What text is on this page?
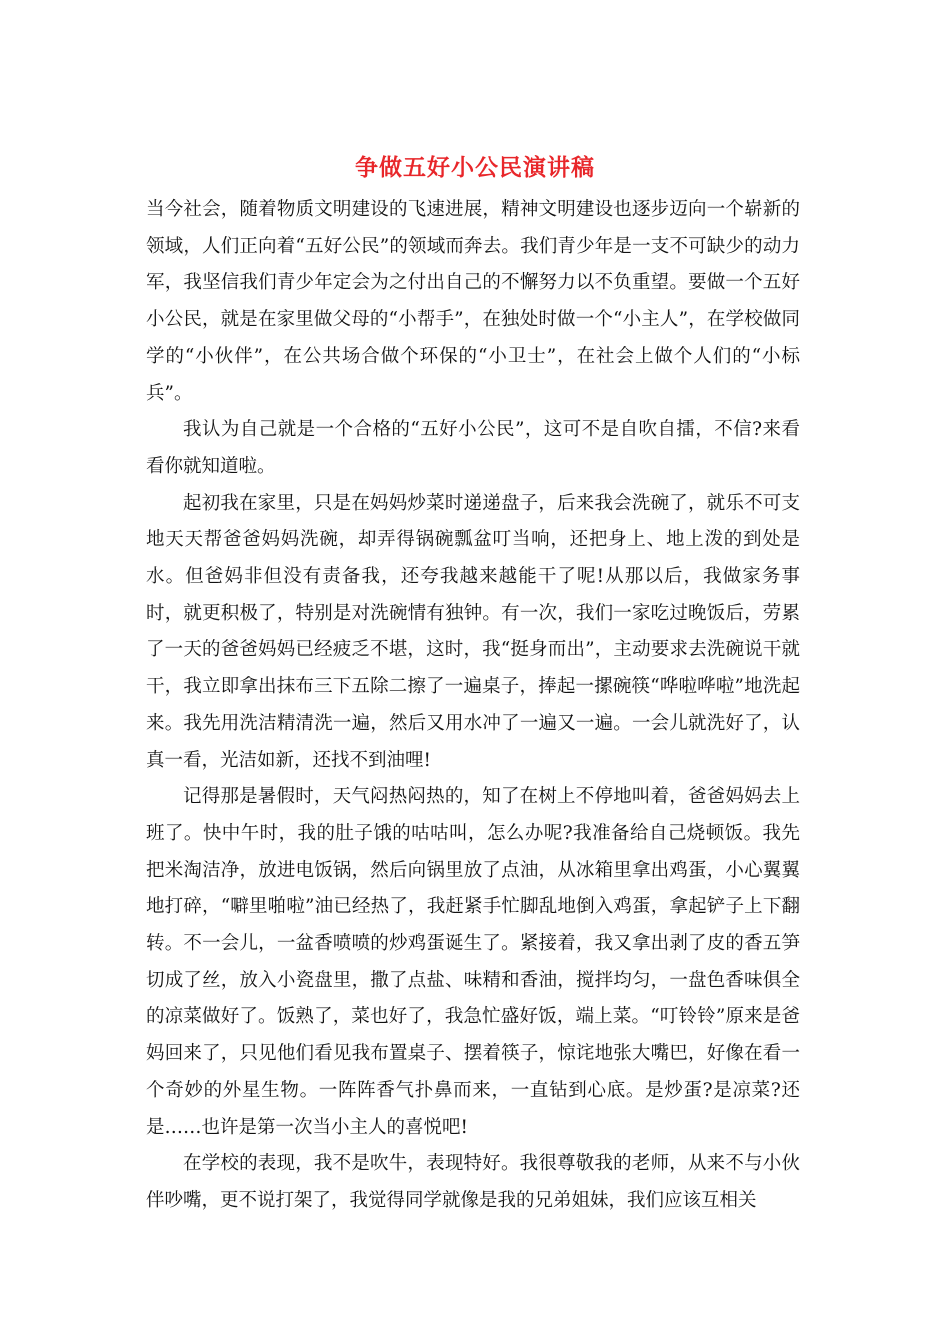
争做五好小公民演讲稿

当今社会，随着物质文明建设的飞速进展，精神文明建设也逐步迈向一个崭新的领域，人们正向着“五好公民”的领域而奔去。我们青少年是一支不可缺少的动力军，我坚信我们青少年定会为之付出自己的不懈努力以不负重望。要做一个五好小公民，就是在家里做父母的“小帮手”，在独处时做一个“小主人”，在学校做同学的“小伙伴”，在公共场合做个环保的“小卫士”，在社会上做个人们的“小标兵”。

我认为自己就是一个合格的“五好小公民”，这可不是自吹自擂，不信?来看看你就知道啦。

起初我在家里，只是在妈妈炒菜时递递盘子，后来我会洗碗了，就乐不可支地天天帮爸爸妈妈洗碗，却弄得锅碗瓢盆叮当响，还把身上、地上泼的到处是水。但爸妈非但没有责备我，还夸我越来越能干了呢!从那以后，我做家务事时，就更积极了，特别是对洗碗情有独钟。有一次，我们一家吃过晚饭后，劳累了一天的爸爸妈妈已经疲乏不堪，这时，我“挺身而出”，主动要求去洗碗说干就干，我立即拿出抹布三下五除二擦了一遍桌子，捧起一摞碗筷“哗啦哗啦”地洗起来。我先用洗洁精清洗一遍，然后又用水冲了一遍又一遍。一会儿就洗好了，认真一看，光洁如新，还找不到油哩!

记得那是暑假时，天气闷热闷热的，知了在树上不停地叫着，爸爸妈妈去上班了。快中午时，我的肚子饿的咕咕叫，怎么办呢?我准备给自己烧顿饭。我先把米淘洁净，放进电饭锅，然后向锅里放了点油，从冰箱里拿出鸡蛋，小心翼翼地打碎，“噼里啪啦”油已经热了，我赶紧手忙脚乱地倒入鸡蛋，拿起铲子上下翻转。不一会儿，一盆香喷喷的炒鸡蛋诞生了。紧接着，我又拿出剥了皮的香五笋切成了丝，放入小瓷盘里，撒了点盐、味精和香油，搅拌均匀，一盘色香味俱全的凉菜做好了。饭熟了，菜也好了，我急忙盛好饭，端上菜。“叮铃铃”原来是爸妈回来了，只见他们看见我布置桌子、摆着筷子，惊诧地张大嘴巴，好像在看一个奇妙的外星生物。一阵阵香气扑鼻而来，一直钻到心底。是炒蛋?是凉菜?还是……也许是第一次当小主人的喜悦吧!

在学校的表现，我不是吹牛，表现特好。我很尊敬我的老师，从来不与小伙伴吵嘴，更不说打架了，我觉得同学就像是我的兄弟姐妹，我们应该互相关
